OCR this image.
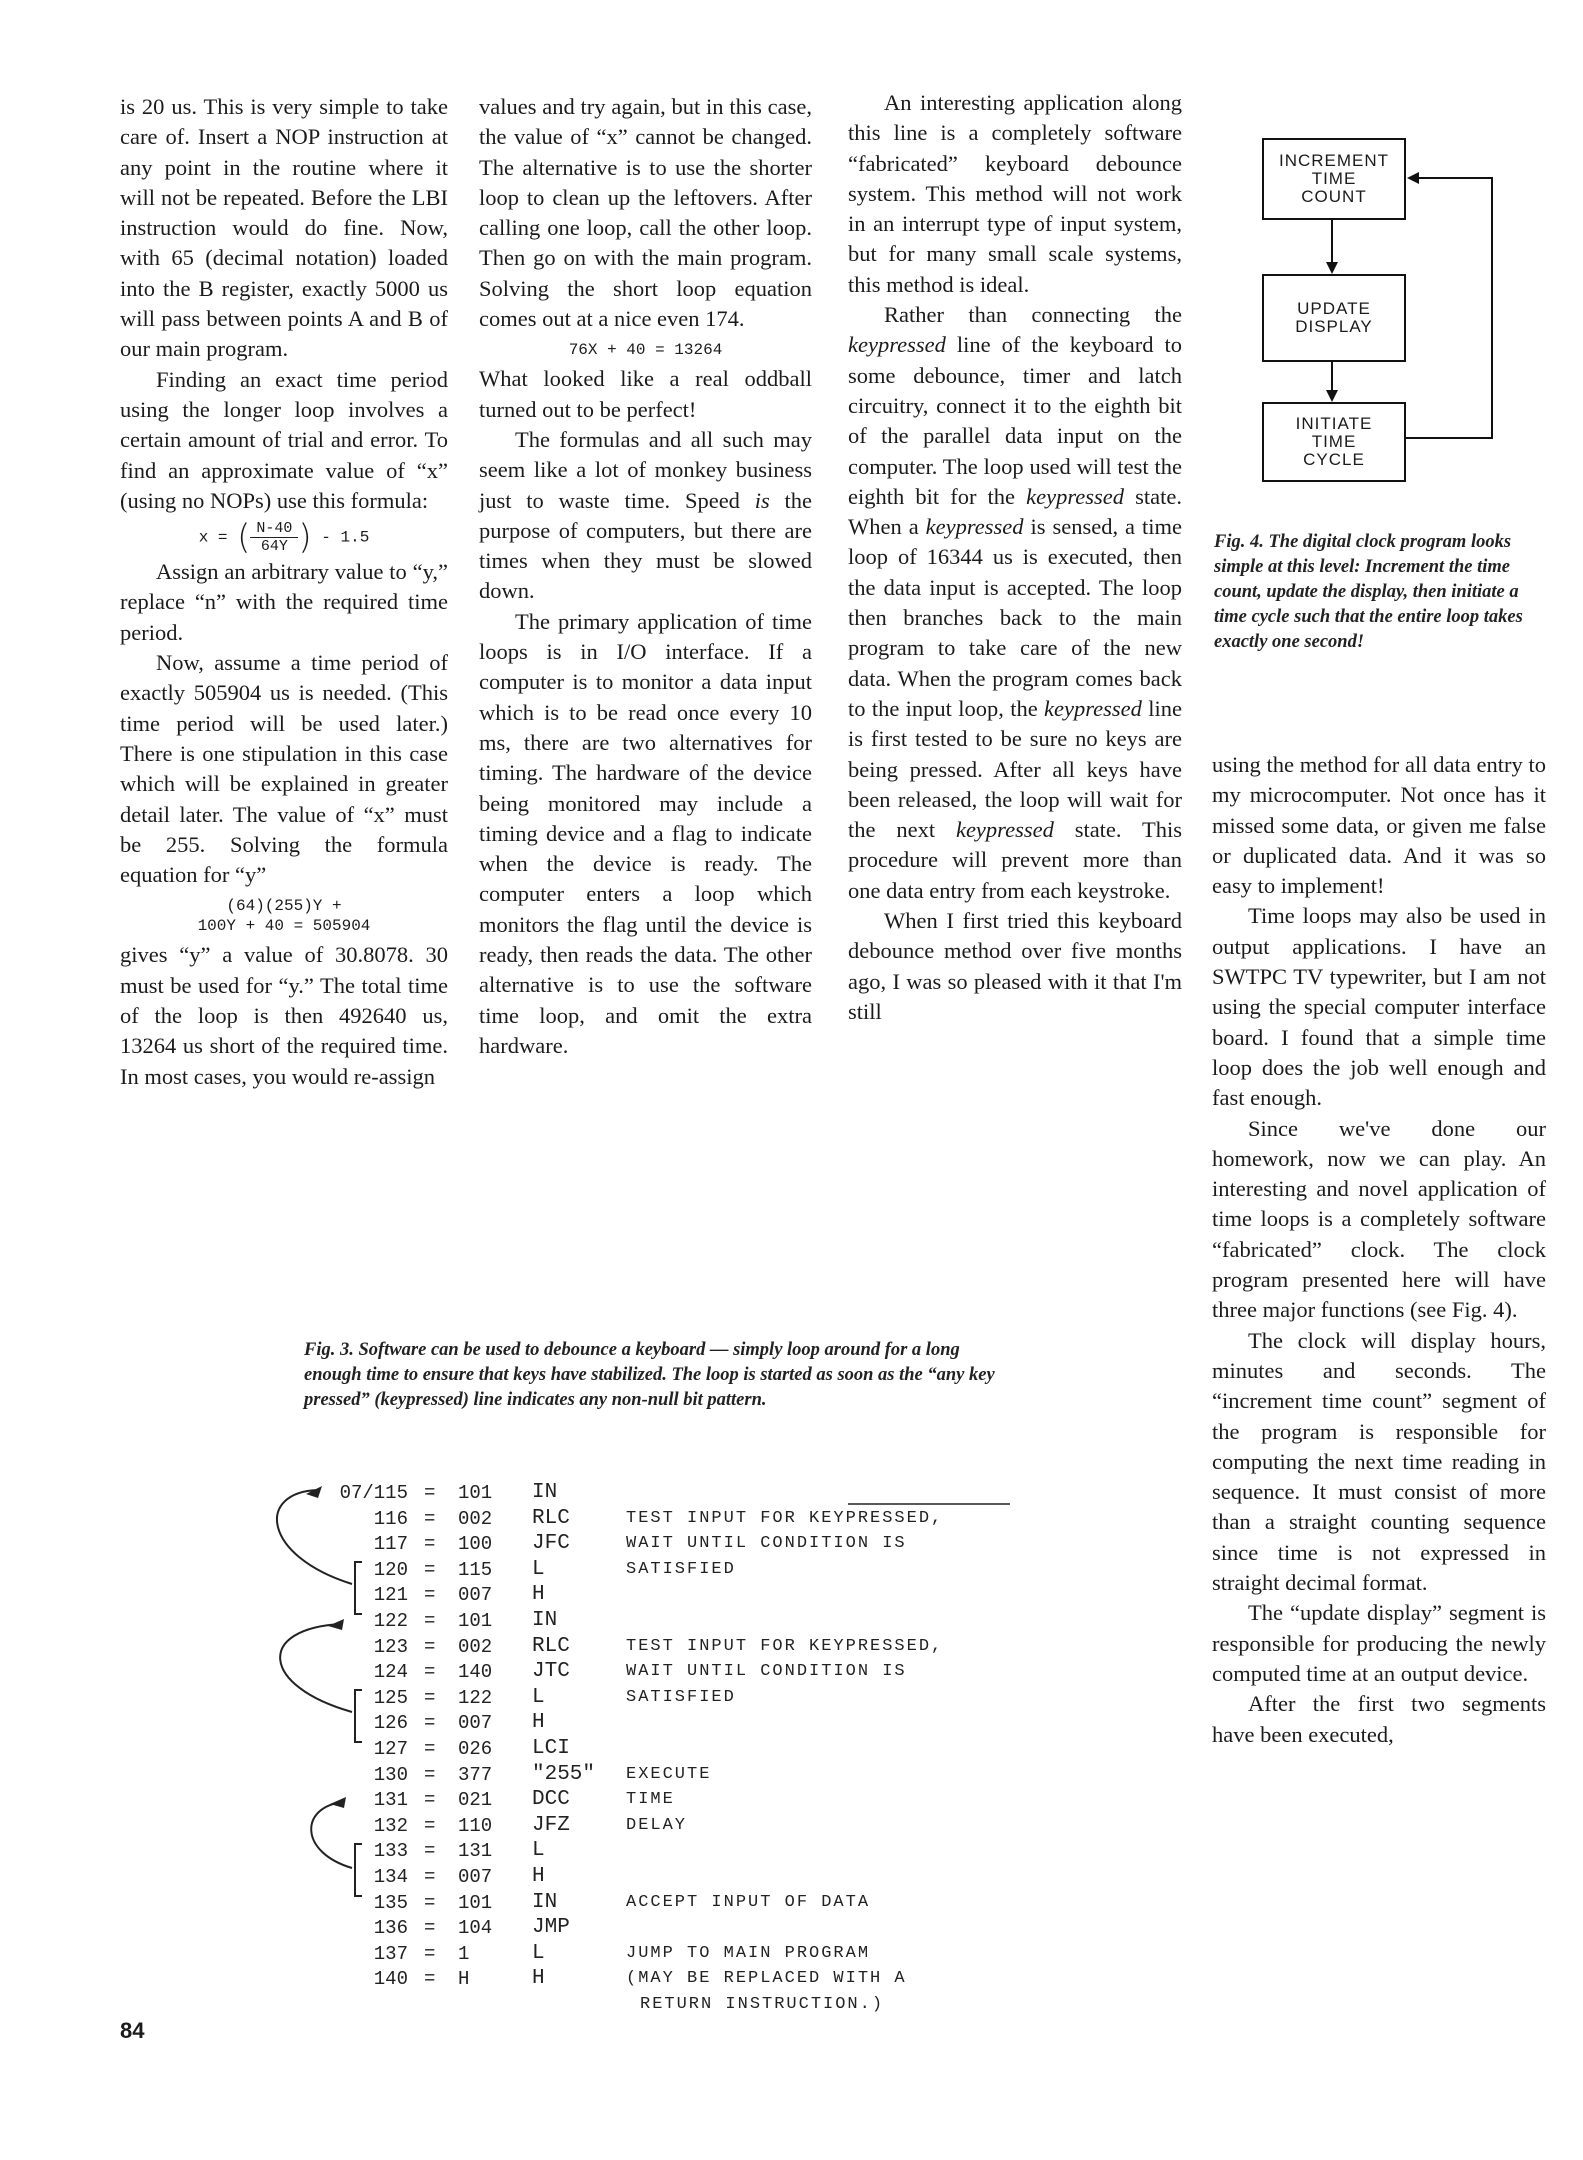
is 20 us. This is very simple to take care of. Insert a NOP instruction at any point in the routine where it will not be repeated. Before the LBI instruction would do fine. Now, with 65 (decimal notation) loaded into the B register, exactly 5000 us will pass between points A and B of our main program.

Finding an exact time period using the longer loop involves a certain amount of trial and error. To find an approximate value of “x” (using no NOPs) use this formula:

x = ( $\frac{N-40}{64Y}$ ) - 1.5

Assign an arbitrary value to “y,” replace “n” with the required time period.

Now, assume a time period of exactly 505904 us is needed. (This time period will be used later.) There is one stipulation in this case which will be explained in greater detail later. The value of “x” must be 255. Solving the formula equation for “y”

(64)(255)Y +
100Y + 40 = 505904

gives “y” a value of 30.8078. 30 must be used for “y.” The total time of the loop is then 492640 us, 13264 us short of the required time. In most cases, you would re-assign

values and try again, but in this case, the value of “x” cannot be changed. The alternative is to use the shorter loop to clean up the leftovers. After calling one loop, call the other loop. Then go on with the main program. Solving the short loop equation comes out at a nice even 174.

76X + 40 = 13264

What looked like a real oddball turned out to be perfect!

The formulas and all such may seem like a lot of monkey business just to waste time. Speed is the purpose of computers, but there are times when they must be slowed down.

The primary application of time loops is in I/O interface. If a computer is to monitor a data input which is to be read once every 10 ms, there are two alternatives for timing. The hardware of the device being monitored may include a timing device and a flag to indicate when the device is ready. The computer enters a loop which monitors the flag until the device is ready, then reads the data. The other alternative is to use the software time loop, and omit the extra hardware.

An interesting application along this line is a completely software “fabricated” keyboard debounce system. This method will not work in an interrupt type of input system, but for many small scale systems, this method is ideal.

Rather than connecting the keypressed line of the keyboard to some debounce, timer and latch circuitry, connect it to the eighth bit of the parallel data input on the computer. The loop used will test the eighth bit for the keypressed state. When a keypressed is sensed, a time loop of 16344 us is executed, then the data input is accepted. The loop then branches back to the main program to take care of the new data. When the program comes back to the input loop, the keypressed line is first tested to be sure no keys are being pressed. After all keys have been released, the loop will wait for the next keypressed state. This procedure will prevent more than one data entry from each keystroke.

When I first tried this keyboard debounce method over five months ago, I was so pleased with it that I'm still

using the method for all data entry to my microcomputer. Not once has it missed some data, or given me false or duplicated data. And it was so easy to implement!

Time loops may also be used in output applications. I have an SWTPC TV typewriter, but I am not using the special computer interface board. I found that a simple time loop does the job well enough and fast enough.

Since we've done our homework, now we can play. An interesting and novel application of time loops is a completely software “fabricated” clock. The clock program presented here will have three major functions (see Fig. 4).

The clock will display hours, minutes and seconds. The “increment time count” segment of the program is responsible for computing the next time reading in sequence. It must consist of more than a straight counting sequence since time is not expressed in straight decimal format.

The “update display” segment is responsible for producing the newly computed time at an output device.

After the first two segments have been executed,

INCREMENT
TIME
COUNT
UPDATE
DISPLAY
INITIATE
TIME
CYCLE
Fig. 4. The digital clock program looks simple at this level: Increment the time count, update the display, then initiate a time cycle such that the entire loop takes exactly one second!
Fig. 3. Software can be used to debounce a keyboard — simply loop around for a long enough time to ensure that keys have stabilized. The loop is started as soon as the “any key pressed” (keypressed) line indicates any non-null bit pattern.
07/115 = 101 IN
116 = 002 RLC	TEST INPUT FOR KEYPRESSED,
117 = 100 JFC	WAIT UNTIL CONDITION IS
120 = 115 L	SATISFIED
121 = 007 H
122 = 101 IN
123 = 002 RLC	TEST INPUT FOR KEYPRESSED,
124 = 140 JTC	WAIT UNTIL CONDITION IS
125 = 122 L	SATISFIED
126 = 007 H
127 = 026 LCI
130 = 377 "255" EXECUTE
131 = 021 DCC	TIME
132 = 110 JFZ	DELAY
133 = 131 L
134 = 007 H
135 = 101 IN	ACCEPT INPUT OF DATA
136 = 104 JMP
137 = 1	L	JUMP TO MAIN PROGRAM
140 = H	H	(MAY BE REPLACED WITH A
RETURN INSTRUCTION.)
84
